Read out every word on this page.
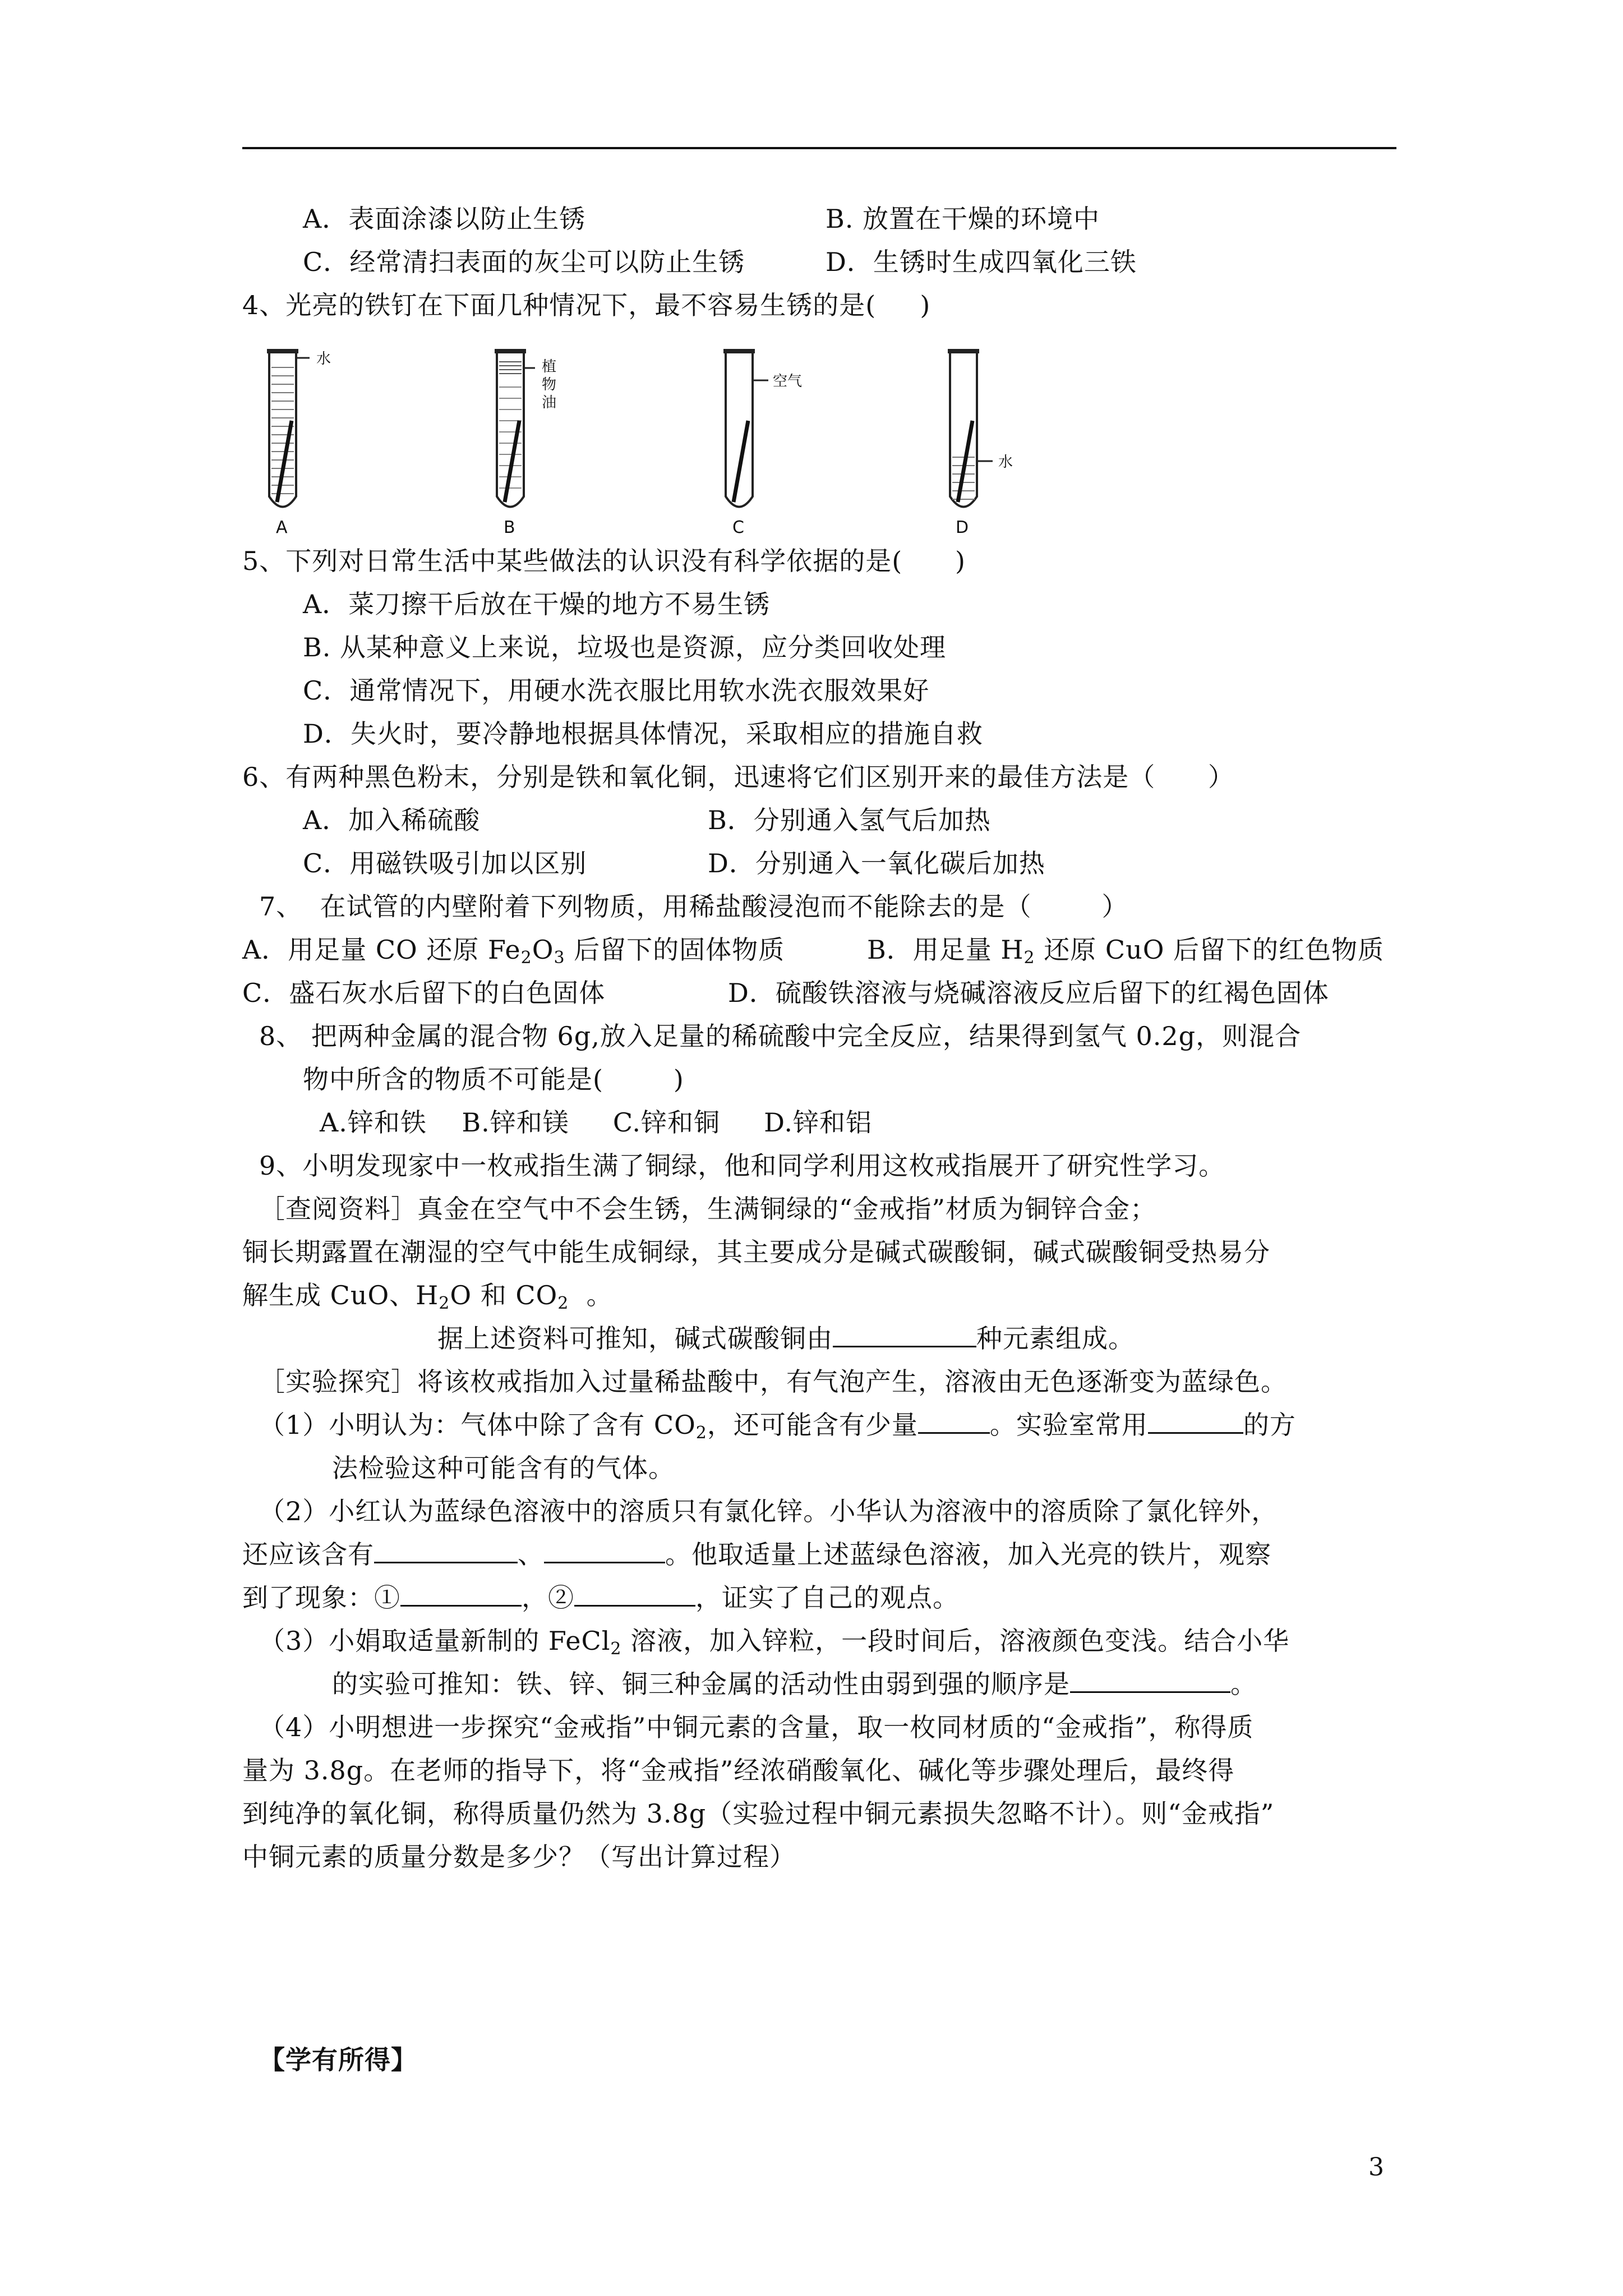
A．表面涂漆以防止生锈	B. 放置在干燥的环境中
C．经常清扫表面的灰尘可以防止生锈	D．生锈时生成四氧化三铁
4、光亮的铁钉在下面几种情况下，最不容易生锈的是(     )
水
A
植
物
油
B
空气
C
水
D
5、下列对日常生活中某些做法的认识没有科学依据的是(      )
A．菜刀擦干后放在干燥的地方不易生锈
B. 从某种意义上来说，垃圾也是资源，应分类回收处理
C．通常情况下，用硬水洗衣服比用软水洗衣服效果好
D．失火时，要冷静地根据具体情况，采取相应的措施自救
6、有两种黑色粉末，分别是铁和氧化铜，迅速将它们区别开来的最佳方法是（      ）
A．加入稀硫酸	B．分别通入氢气后加热
C．用磁铁吸引加以区别	D．分别通入一氧化碳后加热
7、  在试管的内壁附着下列物质，用稀盐酸浸泡而不能除去的是（        ）
A．用足量 CO 还原 $Fe_2O_3$ 后留下的固体物质	B．用足量 $H_2$ 还原 CuO 后留下的红色物质
C．盛石灰水后留下的白色固体	D．硫酸铁溶液与烧碱溶液反应后留下的红褐色固体
8、 把两种金属的混合物 6g,放入足量的稀硫酸中完全反应，结果得到氢气 0.2g，则混合
物中所含的物质不可能是(        )
A.锌和铁    B.锌和镁     C.锌和铜     D.锌和铝
9、小明发现家中一枚戒指生满了铜绿，他和同学利用这枚戒指展开了研究性学习。
［查阅资料］真金在空气中不会生锈，生满铜绿的“金戒指”材质为铜锌合金；
铜长期露置在潮湿的空气中能生成铜绿，其主要成分是碱式碳酸铜，碱式碳酸铜受热易分
解生成 CuO、$H_2O$ 和 $CO_2$  。
据上述资料可推知，碱式碳酸铜由	种元素组成。
［实验探究］将该枚戒指加入过量稀盐酸中，有气泡产生，溶液由无色逐渐变为蓝绿色。
（1）小明认为：气体中除了含有 $CO_2$，还可能含有少量	。实验室常用	的方
法检验这种可能含有的气体。
（2）小红认为蓝绿色溶液中的溶质只有氯化锌。小华认为溶液中的溶质除了氯化锌外，
还应该含有	、	。他取适量上述蓝绿色溶液，加入光亮的铁片，观察
到了现象：①	，②	，证实了自己的观点。
（3）小娟取适量新制的 FeCl$_2$ 溶液，加入锌粒，一段时间后，溶液颜色变浅。结合小华
的实验可推知：铁、锌、铜三种金属的活动性由弱到强的顺序是	。
（4）小明想进一步探究“金戒指”中铜元素的含量，取一枚同材质的“金戒指”，称得质
量为 3.8g。在老师的指导下，将“金戒指”经浓硝酸氧化、碱化等步骤处理后，最终得
到纯净的氧化铜，称得质量仍然为 3.8g（实验过程中铜元素损失忽略不计）。则“金戒指”
中铜元素的质量分数是多少？（写出计算过程）
【学有所得】
3
